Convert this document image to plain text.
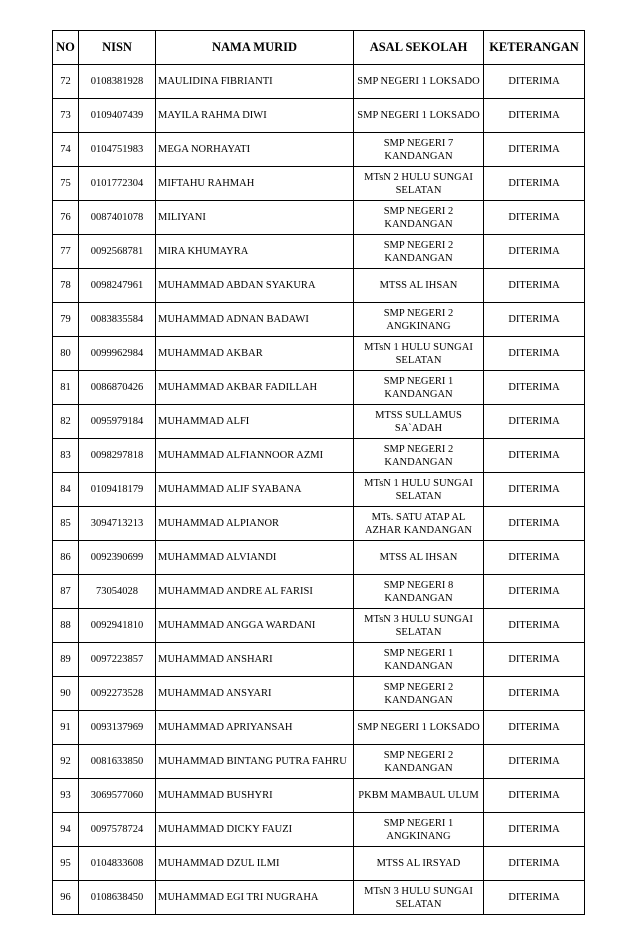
NO	NISN	NAMA MURID	ASAL SEKOLAH	KETERANGAN
72	0108381928	MAULIDINA FIBRIANTI	SMP NEGERI 1 LOKSADO	DITERIMA
73	0109407439	MAYILA RAHMA DIWI	SMP NEGERI 1 LOKSADO	DITERIMA
74	0104751983	MEGA NORHAYATI	SMP NEGERI 7 KANDANGAN	DITERIMA
75	0101772304	MIFTAHU RAHMAH	MTsN 2 HULU SUNGAI SELATAN	DITERIMA
76	0087401078	MILIYANI	SMP NEGERI 2 KANDANGAN	DITERIMA
77	0092568781	MIRA KHUMAYRA	SMP NEGERI 2 KANDANGAN	DITERIMA
78	0098247961	MUHAMMAD ABDAN SYAKURA	MTSS AL IHSAN	DITERIMA
79	0083835584	MUHAMMAD ADNAN BADAWI	SMP NEGERI 2 ANGKINANG	DITERIMA
80	0099962984	MUHAMMAD AKBAR	MTsN 1 HULU SUNGAI SELATAN	DITERIMA
81	0086870426	MUHAMMAD AKBAR FADILLAH	SMP NEGERI 1 KANDANGAN	DITERIMA
82	0095979184	MUHAMMAD ALFI	MTSS SULLAMUS SA`ADAH	DITERIMA
83	0098297818	MUHAMMAD ALFIANNOOR AZMI	SMP NEGERI 2 KANDANGAN	DITERIMA
84	0109418179	MUHAMMAD ALIF SYABANA	MTsN 1 HULU SUNGAI SELATAN	DITERIMA
85	3094713213	MUHAMMAD ALPIANOR	MTs. SATU ATAP AL AZHAR KANDANGAN	DITERIMA
86	0092390699	MUHAMMAD ALVIANDI	MTSS AL IHSAN	DITERIMA
87	73054028	MUHAMMAD ANDRE AL FARISI	SMP NEGERI 8 KANDANGAN	DITERIMA
88	0092941810	MUHAMMAD ANGGA WARDANI	MTsN 3 HULU SUNGAI SELATAN	DITERIMA
89	0097223857	MUHAMMAD ANSHARI	SMP NEGERI 1 KANDANGAN	DITERIMA
90	0092273528	MUHAMMAD ANSYARI	SMP NEGERI 2 KANDANGAN	DITERIMA
91	0093137969	MUHAMMAD APRIYANSAH	SMP NEGERI 1 LOKSADO	DITERIMA
92	0081633850	MUHAMMAD BINTANG PUTRA FAHRU	SMP NEGERI 2 KANDANGAN	DITERIMA
93	3069577060	MUHAMMAD BUSHYRI	PKBM MAMBAUL ULUM	DITERIMA
94	0097578724	MUHAMMAD DICKY FAUZI	SMP NEGERI 1 ANGKINANG	DITERIMA
95	0104833608	MUHAMMAD DZUL ILMI	MTSS AL IRSYAD	DITERIMA
96	0108638450	MUHAMMAD EGI TRI NUGRAHA	MTsN 3 HULU SUNGAI SELATAN	DITERIMA
